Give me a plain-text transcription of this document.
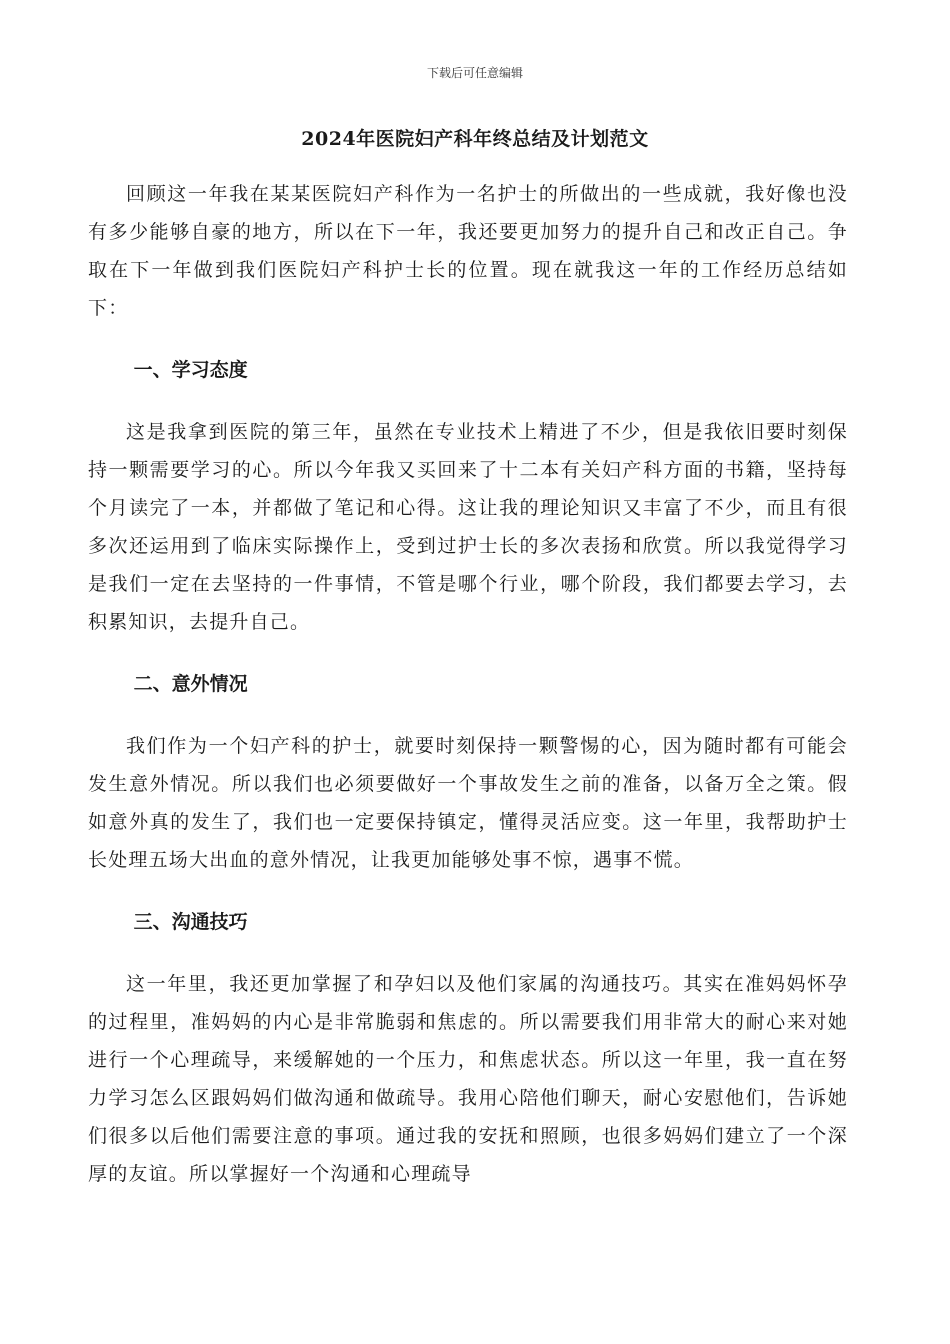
下载后可任意编辑
2024年医院妇产科年终总结及计划范文

回顾这一年我在某某医院妇产科作为一名护士的所做出的一些成就，我好像也没有多少能够自豪的地方，所以在下一年，我还要更加努力的提升自己和改正自己。争取在下一年做到我们医院妇产科护士长的位置。现在就我这一年的工作经历总结如下：

一、学习态度

这是我拿到医院的第三年，虽然在专业技术上精进了不少，但是我依旧要时刻保持一颗需要学习的心。所以今年我又买回来了十二本有关妇产科方面的书籍，坚持每个月读完了一本，并都做了笔记和心得。这让我的理论知识又丰富了不少，而且有很多次还运用到了临床实际操作上，受到过护士长的多次表扬和欣赏。所以我觉得学习是我们一定在去坚持的一件事情，不管是哪个行业，哪个阶段，我们都要去学习，去积累知识，去提升自己。

二、意外情况

我们作为一个妇产科的护士，就要时刻保持一颗警惕的心，因为随时都有可能会发生意外情况。所以我们也必须要做好一个事故发生之前的准备，以备万全之策。假如意外真的发生了，我们也一定要保持镇定，懂得灵活应变。这一年里，我帮助护士长处理五场大出血的意外情况，让我更加能够处事不惊，遇事不慌。

三、沟通技巧

这一年里，我还更加掌握了和孕妇以及他们家属的沟通技巧。其实在准妈妈怀孕的过程里，准妈妈的内心是非常脆弱和焦虑的。所以需要我们用非常大的耐心来对她进行一个心理疏导，来缓解她的一个压力，和焦虑状态。所以这一年里，我一直在努力学习怎么区跟妈妈们做沟通和做疏导。我用心陪他们聊天，耐心安慰他们，告诉她们很多以后他们需要注意的事项。通过我的安抚和照顾，也很多妈妈们建立了一个深厚的友谊。所以掌握好一个沟通和心理疏导
